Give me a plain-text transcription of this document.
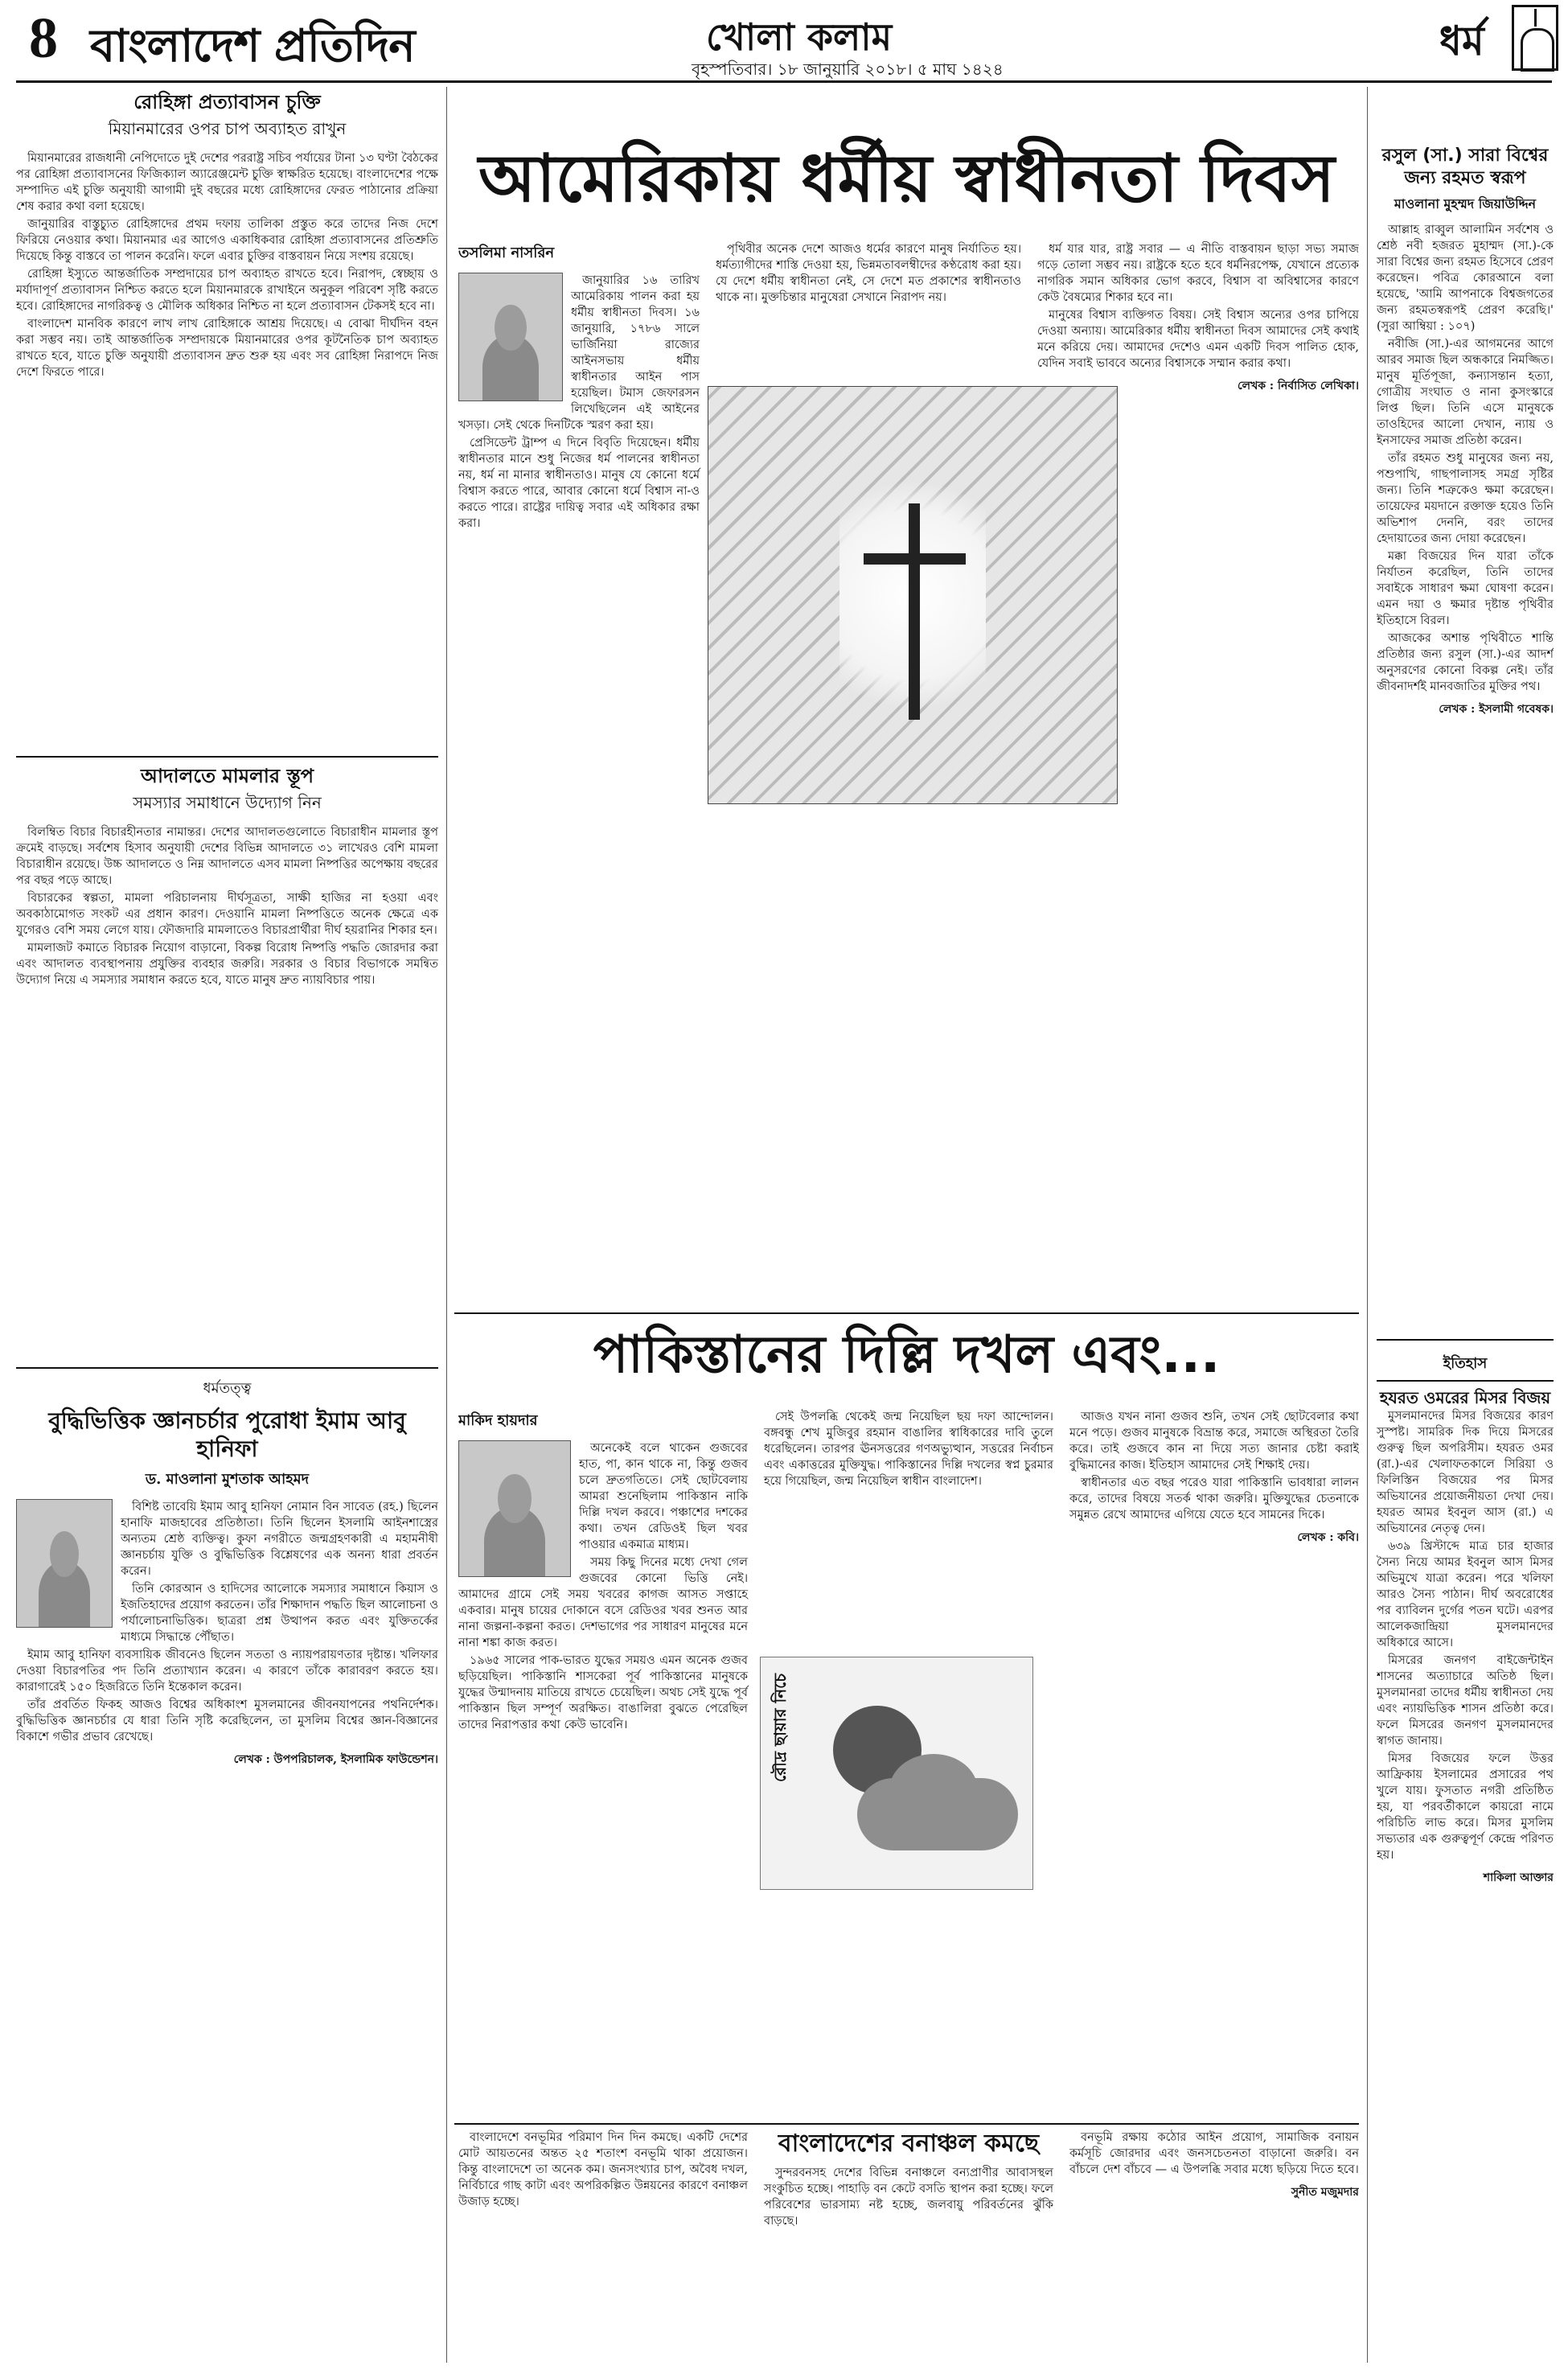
8 বাংলাদেশ প্রতিদিন	খোলা কলাম
বৃহস্পতিবার। ১৮ জানুয়ারি ২০১৮। ৫ মাঘ ১৪২৪
ধর্ম
রোহিঙ্গা প্রত্যাবাসন চুক্তি
মিয়ানমারের ওপর চাপ অব্যাহত রাখুন

মিয়ানমারের রাজধানী নেপিদোতে দুই দেশের পররাষ্ট্র সচিব পর্যায়ের টানা ১৩ ঘণ্টা বৈঠকের পর রোহিঙ্গা প্রত্যাবাসনের ফিজিক্যাল অ্যারেঞ্জমেন্ট চুক্তি স্বাক্ষরিত হয়েছে। বাংলাদেশের পক্ষে সম্পাদিত এই চুক্তি অনুযায়ী আগামী দুই বছরের মধ্যে রোহিঙ্গাদের ফেরত পাঠানোর প্রক্রিয়া শেষ করার কথা বলা হয়েছে।

জানুয়ারির বাস্তুচ্যুত রোহিঙ্গাদের প্রথম দফায় তালিকা প্রস্তুত করে তাদের নিজ দেশে ফিরিয়ে নেওয়ার কথা। মিয়ানমার এর আগেও একাধিকবার রোহিঙ্গা প্রত্যাবাসনের প্রতিশ্রুতি দিয়েছে কিন্তু বাস্তবে তা পালন করেনি। ফলে এবার চুক্তির বাস্তবায়ন নিয়ে সংশয় রয়েছে।

রোহিঙ্গা ইস্যুতে আন্তর্জাতিক সম্প্রদায়ের চাপ অব্যাহত রাখতে হবে। নিরাপদ, স্বেচ্ছায় ও মর্যাদাপূর্ণ প্রত্যাবাসন নিশ্চিত করতে হলে মিয়ানমারকে রাখাইনে অনুকূল পরিবেশ সৃষ্টি করতে হবে। রোহিঙ্গাদের নাগরিকত্ব ও মৌলিক অধিকার নিশ্চিত না হলে প্রত্যাবাসন টেকসই হবে না।

বাংলাদেশ মানবিক কারণে লাখ লাখ রোহিঙ্গাকে আশ্রয় দিয়েছে। এ বোঝা দীর্ঘদিন বহন করা সম্ভব নয়। তাই আন্তর্জাতিক সম্প্রদায়কে মিয়ানমারের ওপর কূটনৈতিক চাপ অব্যাহত রাখতে হবে, যাতে চুক্তি অনুযায়ী প্রত্যাবাসন দ্রুত শুরু হয় এবং সব রোহিঙ্গা নিরাপদে নিজ দেশে ফিরতে পারে।

আদালতে মামলার স্তূপ
সমস্যার সমাধানে উদ্যোগ নিন

বিলম্বিত বিচার বিচারহীনতার নামান্তর। দেশের আদালতগুলোতে বিচারাধীন মামলার স্তূপ ক্রমেই বাড়ছে। সর্বশেষ হিসাব অনুযায়ী দেশের বিভিন্ন আদালতে ৩১ লাখেরও বেশি মামলা বিচারাধীন রয়েছে। উচ্চ আদালতে ও নিম্ন আদালতে এসব মামলা নিষ্পত্তির অপেক্ষায় বছরের পর বছর পড়ে আছে।

বিচারকের স্বল্পতা, মামলা পরিচালনায় দীর্ঘসূত্রতা, সাক্ষী হাজির না হওয়া এবং অবকাঠামোগত সংকট এর প্রধান কারণ। দেওয়ানি মামলা নিষ্পত্তিতে অনেক ক্ষেত্রে এক যুগেরও বেশি সময় লেগে যায়। ফৌজদারি মামলাতেও বিচারপ্রার্থীরা দীর্ঘ হয়রানির শিকার হন।

মামলাজট কমাতে বিচারক নিয়োগ বাড়ানো, বিকল্প বিরোধ নিষ্পত্তি পদ্ধতি জোরদার করা এবং আদালত ব্যবস্থাপনায় প্রযুক্তির ব্যবহার জরুরি। সরকার ও বিচার বিভাগকে সমন্বিত উদ্যোগ নিয়ে এ সমস্যার সমাধান করতে হবে, যাতে মানুষ দ্রুত ন্যায়বিচার পায়।

ধর্মতত্ত্ব
বুদ্ধিভিত্তিক জ্ঞানচর্চার পুরোধা ইমাম আবু হানিফা
ড. মাওলানা মুশতাক আহমদ

বিশিষ্ট তাবেয়ি ইমাম আবু হানিফা নোমান বিন সাবেত (রহ.) ছিলেন হানাফি মাজহাবের প্রতিষ্ঠাতা। তিনি ছিলেন ইসলামি আইনশাস্ত্রের অন্যতম শ্রেষ্ঠ ব্যক্তিত্ব। কুফা নগরীতে জন্মগ্রহণকারী এ মহামনীষী জ্ঞানচর্চায় যুক্তি ও বুদ্ধিভিত্তিক বিশ্লেষণের এক অনন্য ধারা প্রবর্তন করেন।

তিনি কোরআন ও হাদিসের আলোকে সমস্যার সমাধানে কিয়াস ও ইজতিহাদের প্রয়োগ করতেন। তাঁর শিক্ষাদান পদ্ধতি ছিল আলোচনা ও পর্যালোচনাভিত্তিক। ছাত্ররা প্রশ্ন উত্থাপন করত এবং যুক্তিতর্কের মাধ্যমে সিদ্ধান্তে পৌঁছাত।

ইমাম আবু হানিফা ব্যবসায়িক জীবনেও ছিলেন সততা ও ন্যায়পরায়ণতার দৃষ্টান্ত। খলিফার দেওয়া বিচারপতির পদ তিনি প্রত্যাখ্যান করেন। এ কারণে তাঁকে কারাবরণ করতে হয়। কারাগারেই ১৫০ হিজরিতে তিনি ইন্তেকাল করেন।

তাঁর প্রবর্তিত ফিকহ আজও বিশ্বের অধিকাংশ মুসলমানের জীবনযাপনের পথনির্দেশক। বুদ্ধিভিত্তিক জ্ঞানচর্চার যে ধারা তিনি সৃষ্টি করেছিলেন, তা মুসলিম বিশ্বের জ্ঞান-বিজ্ঞানের বিকাশে গভীর প্রভাব রেখেছে।

লেখক : উপপরিচালক, ইসলামিক ফাউন্ডেশন।
আমেরিকায় ধর্মীয় স্বাধীনতা দিবস
তসলিমা নাসরিন

জানুয়ারির ১৬ তারিখ আমেরিকায় পালন করা হয় ধর্মীয় স্বাধীনতা দিবস। ১৬ জানুয়ারি, ১৭৮৬ সালে ভার্জিনিয়া রাজ্যের আইনসভায় ধর্মীয় স্বাধীনতার আইন পাস হয়েছিল। টমাস জেফারসন লিখেছিলেন এই আইনের খসড়া। সেই থেকে দিনটিকে স্মরণ করা হয়।

প্রেসিডেন্ট ট্রাম্প এ দিনে বিবৃতি দিয়েছেন। ধর্মীয় স্বাধীনতার মানে শুধু নিজের ধর্ম পালনের স্বাধীনতা নয়, ধর্ম না মানার স্বাধীনতাও। মানুষ যে কোনো ধর্মে বিশ্বাস করতে পারে, আবার কোনো ধর্মে বিশ্বাস না-ও করতে পারে। রাষ্ট্রের দায়িত্ব সবার এই অধিকার রক্ষা করা।

পৃথিবীর অনেক দেশে আজও ধর্মের কারণে মানুষ নির্যাতিত হয়। ধর্মত্যাগীদের শাস্তি দেওয়া হয়, ভিন্নমতাবলম্বীদের কণ্ঠরোধ করা হয়। যে দেশে ধর্মীয় স্বাধীনতা নেই, সে দেশে মত প্রকাশের স্বাধীনতাও থাকে না। মুক্তচিন্তার মানুষেরা সেখানে নিরাপদ নয়।

ধর্ম যার যার, রাষ্ট্র সবার — এ নীতি বাস্তবায়ন ছাড়া সভ্য সমাজ গড়ে তোলা সম্ভব নয়। রাষ্ট্রকে হতে হবে ধর্মনিরপেক্ষ, যেখানে প্রত্যেক নাগরিক সমান অধিকার ভোগ করবে, বিশ্বাস বা অবিশ্বাসের কারণে কেউ বৈষম্যের শিকার হবে না।

মানুষের বিশ্বাস ব্যক্তিগত বিষয়। সেই বিশ্বাস অন্যের ওপর চাপিয়ে দেওয়া অন্যায়। আমেরিকার ধর্মীয় স্বাধীনতা দিবস আমাদের সেই কথাই মনে করিয়ে দেয়। আমাদের দেশেও এমন একটি দিবস পালিত হোক, যেদিন সবাই ভাববে অন্যের বিশ্বাসকে সম্মান করার কথা।

লেখক : নির্বাসিত লেখিকা।
পাকিস্তানের দিল্লি দখল এবং...
মাকিদ হায়দার

অনেকেই বলে থাকেন গুজবের হাত, পা, কান থাকে না, কিন্তু গুজব চলে দ্রুতগতিতে। সেই ছোটবেলায় আমরা শুনেছিলাম পাকিস্তান নাকি দিল্লি দখল করবে। পঞ্চাশের দশকের কথা। তখন রেডিওই ছিল খবর পাওয়ার একমাত্র মাধ্যম।

সময় কিছু দিনের মধ্যে দেখা গেল গুজবের কোনো ভিত্তি নেই। আমাদের গ্রামে সেই সময় খবরের কাগজ আসত সপ্তাহে একবার। মানুষ চায়ের দোকানে বসে রেডিওর খবর শুনত আর নানা জল্পনা-কল্পনা করত। দেশভাগের পর সাধারণ মানুষের মনে নানা শঙ্কা কাজ করত।

১৯৬৫ সালের পাক-ভারত যুদ্ধের সময়ও এমন অনেক গুজব ছড়িয়েছিল। পাকিস্তানি শাসকেরা পূর্ব পাকিস্তানের মানুষকে যুদ্ধের উন্মাদনায় মাতিয়ে রাখতে চেয়েছিল। অথচ সেই যুদ্ধে পূর্ব পাকিস্তান ছিল সম্পূর্ণ অরক্ষিত। বাঙালিরা বুঝতে পেরেছিল তাদের নিরাপত্তার কথা কেউ ভাবেনি।

সেই উপলব্ধি থেকেই জন্ম নিয়েছিল ছয় দফা আন্দোলন। বঙ্গবন্ধু শেখ মুজিবুর রহমান বাঙালির স্বাধিকারের দাবি তুলে ধরেছিলেন। তারপর ঊনসত্তরের গণঅভ্যুত্থান, সত্তরের নির্বাচন এবং একাত্তরের মুক্তিযুদ্ধ। পাকিস্তানের দিল্লি দখলের স্বপ্ন চুরমার হয়ে গিয়েছিল, জন্ম নিয়েছিল স্বাধীন বাংলাদেশ।

আজও যখন নানা গুজব শুনি, তখন সেই ছোটবেলার কথা মনে পড়ে। গুজব মানুষকে বিভ্রান্ত করে, সমাজে অস্থিরতা তৈরি করে। তাই গুজবে কান না দিয়ে সত্য জানার চেষ্টা করাই বুদ্ধিমানের কাজ। ইতিহাস আমাদের সেই শিক্ষাই দেয়।

স্বাধীনতার এত বছর পরেও যারা পাকিস্তানি ভাবধারা লালন করে, তাদের বিষয়ে সতর্ক থাকা জরুরি। মুক্তিযুদ্ধের চেতনাকে সমুন্নত রেখে আমাদের এগিয়ে যেতে হবে সামনের দিকে।

লেখক : কবি।
রৌদ্র ছায়ার নিচে

বাংলাদেশে বনভূমির পরিমাণ দিন দিন কমছে। একটি দেশের মোট আয়তনের অন্তত ২৫ শতাংশ বনভূমি থাকা প্রয়োজন। কিন্তু বাংলাদেশে তা অনেক কম। জনসংখ্যার চাপ, অবৈধ দখল, নির্বিচারে গাছ কাটা এবং অপরিকল্পিত উন্নয়নের কারণে বনাঞ্চল উজাড় হচ্ছে।

বাংলাদেশের বনাঞ্চল কমছে

সুন্দরবনসহ দেশের বিভিন্ন বনাঞ্চলে বন্যপ্রাণীর আবাসস্থল সংকুচিত হচ্ছে। পাহাড়ি বন কেটে বসতি স্থাপন করা হচ্ছে। ফলে পরিবেশের ভারসাম্য নষ্ট হচ্ছে, জলবায়ু পরিবর্তনের ঝুঁকি বাড়ছে।

বনভূমি রক্ষায় কঠোর আইন প্রয়োগ, সামাজিক বনায়ন কর্মসূচি জোরদার এবং জনসচেতনতা বাড়ানো জরুরি। বন বাঁচলে দেশ বাঁচবে — এ উপলব্ধি সবার মধ্যে ছড়িয়ে দিতে হবে।

সুনীত মজুমদার
রসুল (সা.) সারা বিশ্বের জন্য রহমত স্বরূপ
মাওলানা মুহম্মদ জিয়াউদ্দিন

আল্লাহ রাব্বুল আলামিন সর্বশেষ ও শ্রেষ্ঠ নবী হজরত মুহাম্মদ (সা.)-কে সারা বিশ্বের জন্য রহমত হিসেবে প্রেরণ করেছেন। পবিত্র কোরআনে বলা হয়েছে, 'আমি আপনাকে বিশ্বজগতের জন্য রহমতস্বরূপই প্রেরণ করেছি।' (সুরা আম্বিয়া : ১০৭)

নবীজি (সা.)-এর আগমনের আগে আরব সমাজ ছিল অন্ধকারে নিমজ্জিত। মানুষ মূর্তিপূজা, কন্যাসন্তান হত্যা, গোত্রীয় সংঘাত ও নানা কুসংস্কারে লিপ্ত ছিল। তিনি এসে মানুষকে তাওহিদের আলো দেখান, ন্যায় ও ইনসাফের সমাজ প্রতিষ্ঠা করেন।

তাঁর রহমত শুধু মানুষের জন্য নয়, পশুপাখি, গাছপালাসহ সমগ্র সৃষ্টির জন্য। তিনি শত্রুকেও ক্ষমা করেছেন। তায়েফের ময়দানে রক্তাক্ত হয়েও তিনি অভিশাপ দেননি, বরং তাদের হেদায়াতের জন্য দোয়া করেছেন।

মক্কা বিজয়ের দিন যারা তাঁকে নির্যাতন করেছিল, তিনি তাদের সবাইকে সাধারণ ক্ষমা ঘোষণা করেন। এমন দয়া ও ক্ষমার দৃষ্টান্ত পৃথিবীর ইতিহাসে বিরল।

আজকের অশান্ত পৃথিবীতে শান্তি প্রতিষ্ঠার জন্য রসুল (সা.)-এর আদর্শ অনুসরণের কোনো বিকল্প নেই। তাঁর জীবনাদর্শই মানবজাতির মুক্তির পথ।

লেখক : ইসলামী গবেষক।
ইতিহাস
হযরত ওমরের মিসর বিজয়

মুসলমানদের মিসর বিজয়ের কারণ সুস্পষ্ট। সামরিক দিক দিয়ে মিসরের গুরুত্ব ছিল অপরিসীম। হযরত ওমর (রা.)-এর খেলাফতকালে সিরিয়া ও ফিলিস্তিন বিজয়ের পর মিসর অভিযানের প্রয়োজনীয়তা দেখা দেয়। হযরত আমর ইবনুল আস (রা.) এ অভিযানের নেতৃত্ব দেন।

৬৩৯ খ্রিস্টাব্দে মাত্র চার হাজার সৈন্য নিয়ে আমর ইবনুল আস মিসর অভিমুখে যাত্রা করেন। পরে খলিফা আরও সৈন্য পাঠান। দীর্ঘ অবরোধের পর ব্যাবিলন দুর্গের পতন ঘটে। এরপর আলেকজান্দ্রিয়া মুসলমানদের অধিকারে আসে।

মিসরের জনগণ বাইজেন্টাইন শাসনের অত্যাচারে অতিষ্ঠ ছিল। মুসলমানরা তাদের ধর্মীয় স্বাধীনতা দেয় এবং ন্যায়ভিত্তিক শাসন প্রতিষ্ঠা করে। ফলে মিসরের জনগণ মুসলমানদের স্বাগত জানায়।

মিসর বিজয়ের ফলে উত্তর আফ্রিকায় ইসলামের প্রসারের পথ খুলে যায়। ফুসতাত নগরী প্রতিষ্ঠিত হয়, যা পরবর্তীকালে কায়রো নামে পরিচিতি লাভ করে। মিসর মুসলিম সভ্যতার এক গুরুত্বপূর্ণ কেন্দ্রে পরিণত হয়।

শাকিলা আক্তার
